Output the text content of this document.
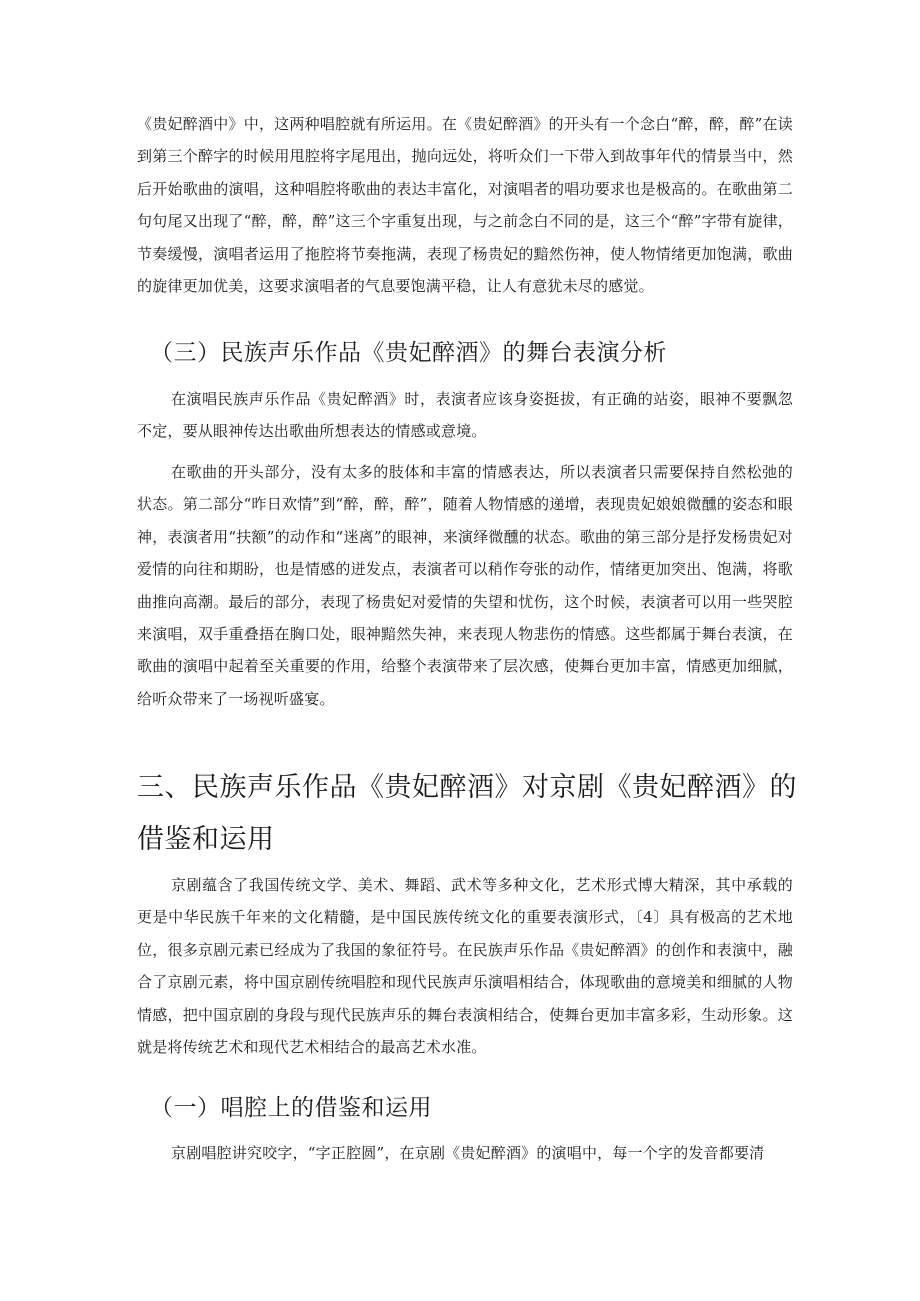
《贵妃醉酒中》中，这两种唱腔就有所运用。在《贵妃醉酒》的开头有一个念白“醉，醉，醉”在读到第三个醉字的时候用甩腔将字尾甩出，抛向远处，将听众们一下带入到故事年代的情景当中，然后开始歌曲的演唱，这种唱腔将歌曲的表达丰富化，对演唱者的唱功要求也是极高的。在歌曲第二句句尾又出现了“醉，醉，醉”这三个字重复出现，与之前念白不同的是，这三个“醉”字带有旋律，节奏缓慢，演唱者运用了拖腔将节奏拖满，表现了杨贵妃的黯然伤神，使人物情绪更加饱满，歌曲的旋律更加优美，这要求演唱者的气息要饱满平稳，让人有意犹未尽的感觉。

（三）民族声乐作品《贵妃醉酒》的舞台表演分析

在演唱民族声乐作品《贵妃醉酒》时，表演者应该身姿挺拔，有正确的站姿，眼神不要飘忽不定，要从眼神传达出歌曲所想表达的情感或意境。

在歌曲的开头部分，没有太多的肢体和丰富的情感表达，所以表演者只需要保持自然松弛的状态。第二部分“昨日欢情”到“醉，醉，醉”，随着人物情感的递增，表现贵妃娘娘微醺的姿态和眼神，表演者用“扶额”的动作和“迷离”的眼神，来演绎微醺的状态。歌曲的第三部分是抒发杨贵妃对爱情的向往和期盼，也是情感的迸发点，表演者可以稍作夸张的动作，情绪更加突出、饱满，将歌曲推向高潮。最后的部分，表现了杨贵妃对爱情的失望和忧伤，这个时候，表演者可以用一些哭腔来演唱，双手重叠捂在胸口处，眼神黯然失神，来表现人物悲伤的情感。这些都属于舞台表演，在歌曲的演唱中起着至关重要的作用，给整个表演带来了层次感，使舞台更加丰富，情感更加细腻，给听众带来了一场视听盛宴。

三、民族声乐作品《贵妃醉酒》对京剧《贵妃醉酒》的借鉴和运用

京剧蕴含了我国传统文学、美术、舞蹈、武术等多种文化，艺术形式博大精深，其中承载的更是中华民族千年来的文化精髓，是中国民族传统文化的重要表演形式，〔4〕具有极高的艺术地位，很多京剧元素已经成为了我国的象征符号。在民族声乐作品《贵妃醉酒》的创作和表演中，融合了京剧元素，将中国京剧传统唱腔和现代民族声乐演唱相结合，体现歌曲的意境美和细腻的人物情感，把中国京剧的身段与现代民族声乐的舞台表演相结合，使舞台更加丰富多彩，生动形象。这就是将传统艺术和现代艺术相结合的最高艺术水准。

（一）唱腔上的借鉴和运用

京剧唱腔讲究咬字，“字正腔圆”，在京剧《贵妃醉酒》的演唱中，每一个字的发音都要清
